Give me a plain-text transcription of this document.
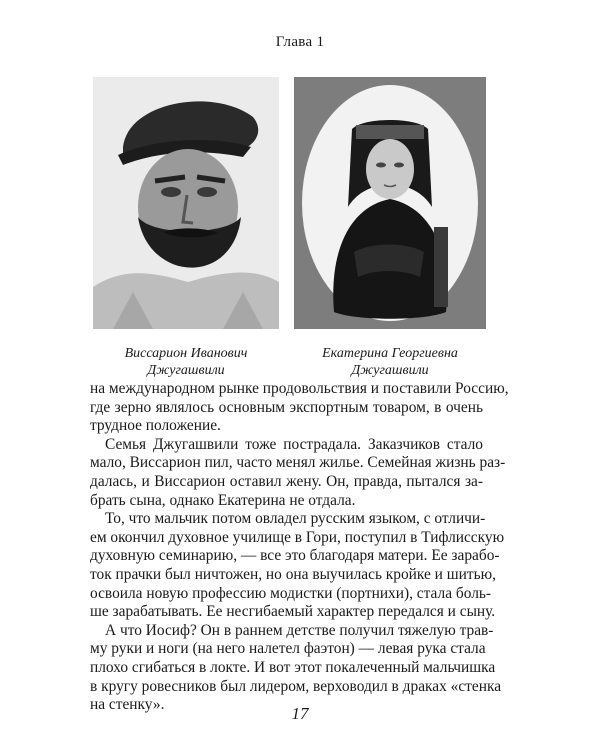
Глава 1
Виссарион Иванович
Джугашвили
Екатерина Георгиевна
Джугашвили
на международном рынке продовольствия и поставили Россию,
где зерно являлось основным экспортным товаром, в очень
трудное положение.
Семья Джугашвили тоже пострадала. Заказчиков стало
мало, Виссарион пил, часто менял жилье. Семейная жизнь раз-
далась, и Виссарион оставил жену. Он, правда, пытался за-
брать сына, однако Екатерина не отдала.
То, что мальчик потом овладел русским языком, с отличи-
ем окончил духовное училище в Гори, поступил в Тифлисскую
духовную семинарию, — все это благодаря матери. Ее зарабо-
ток прачки был ничтожен, но она выучилась кройке и шитью,
освоила новую профессию модистки (портнихи), стала боль-
ше зарабатывать. Ее несгибаемый характер передался и сыну.
А что Иосиф? Он в раннем детстве получил тяжелую трав-
му руки и ноги (на него налетел фаэтон) — левая рука стала
плохо сгибаться в локте. И вот этот покалеченный мальчишка
в кругу ровесников был лидером, верховодил в драках «стенка
на стенку».	17
